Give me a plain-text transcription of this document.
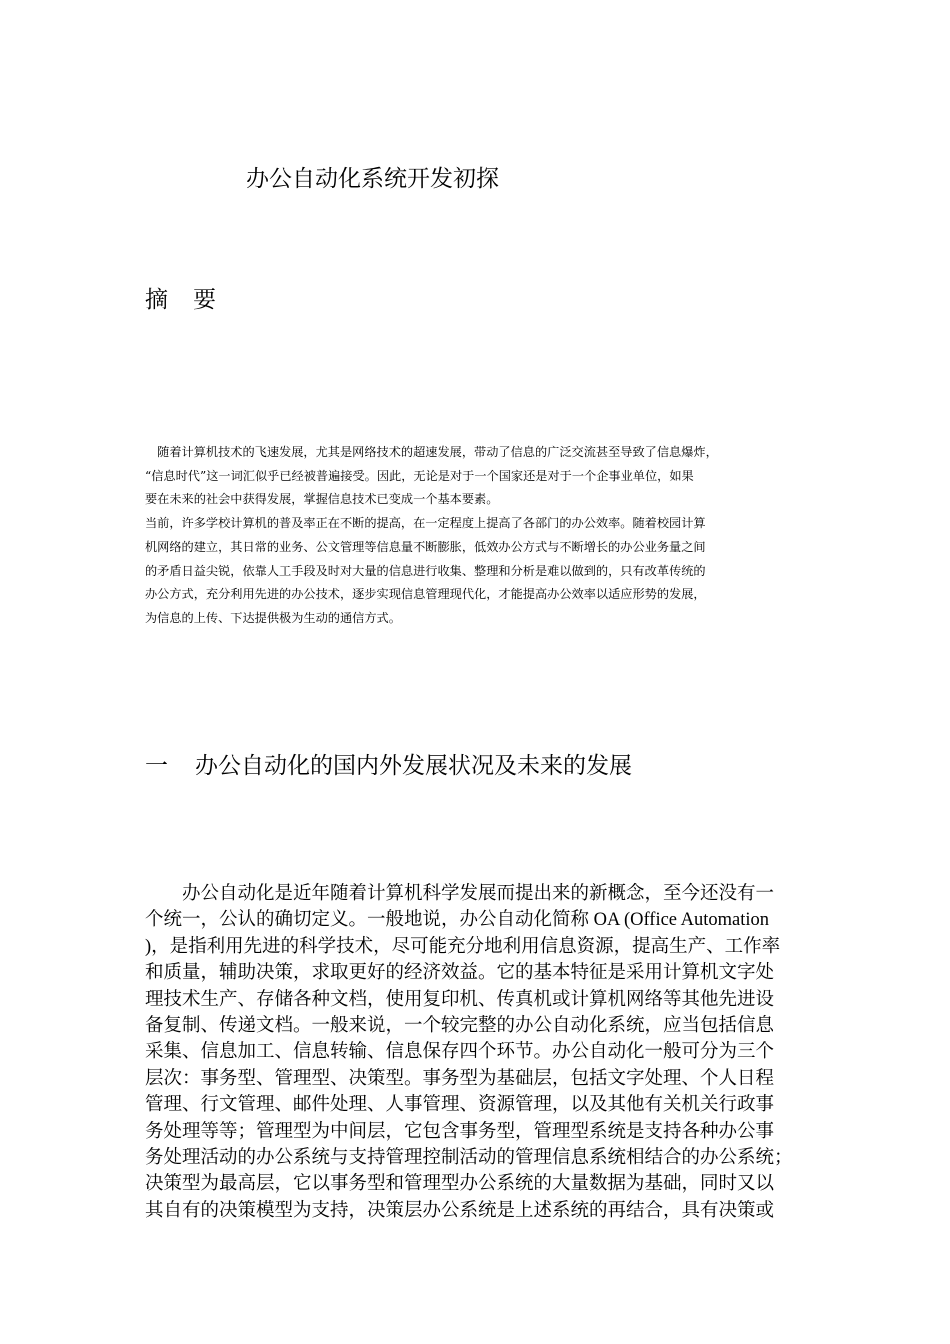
办公自动化系统开发初探
摘 要

　随着计算机技术的飞速发展，尤其是网络技术的超速发展，带动了信息的广泛交流甚至导致了信息爆炸，

“信息时代”这一词汇似乎已经被普遍接受。因此，无论是对于一个国家还是对于一个企事业单位，如果

要在未来的社会中获得发展，掌握信息技术已变成一个基本要素。

当前，许多学校计算机的普及率正在不断的提高，在一定程度上提高了各部门的办公效率。随着校园计算

机网络的建立，其日常的业务、公文管理等信息量不断膨胀，低效办公方式与不断增长的办公业务量之间

的矛盾日益尖锐，依靠人工手段及时对大量的信息进行收集、整理和分析是难以做到的，只有改革传统的

办公方式，充分利用先进的办公技术，逐步实现信息管理现代化，才能提高办公效率以适应形势的发展，

为信息的上传、下达提供极为生动的通信方式。

一 办公自动化的国内外发展状况及未来的发展

　　办公自动化是近年随着计算机科学发展而提出来的新概念，至今还没有一

个统一，公认的确切定义。一般地说，办公自动化简称 OA (Office Automation

)，是指利用先进的科学技术，尽可能充分地利用信息资源，提高生产、工作率

和质量，辅助决策，求取更好的经济效益。它的基本特征是采用计算机文字处

理技术生产、存储各种文档，使用复印机、传真机或计算机网络等其他先进设

备复制、传递文档。一般来说，一个较完整的办公自动化系统，应当包括信息

采集、信息加工、信息转输、信息保存四个环节。办公自动化一般可分为三个

层次：事务型、管理型、决策型。事务型为基础层，包括文字处理、个人日程

管理、行文管理、邮件处理、人事管理、资源管理，以及其他有关机关行政事

务处理等等；管理型为中间层，它包含事务型，管理型系统是支持各种办公事

务处理活动的办公系统与支持管理控制活动的管理信息系统相结合的办公系统；

决策型为最高层，它以事务型和管理型办公系统的大量数据为基础，同时又以

其自有的决策模型为支持，决策层办公系统是上述系统的再结合，具有决策或
